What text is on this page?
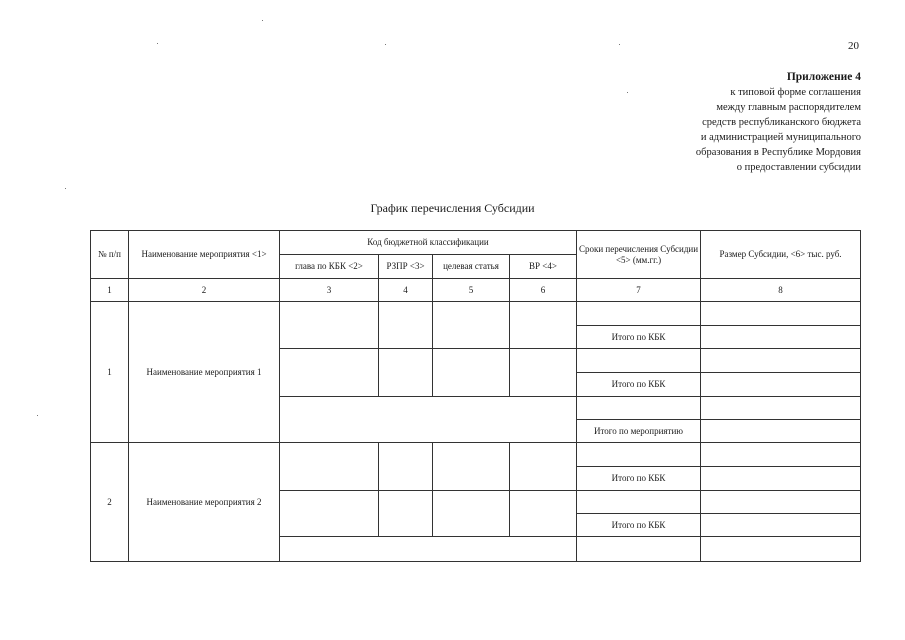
20
Приложение 4
к типовой форме соглашения
между главным распорядителем
средств республиканского бюджета
и администрацией муниципального
образования в Республике Мордовия
о предоставлении субсидии
График перечисления Субсидии
№ п/п	Наименование мероприятия <1>	Код бюджетной классификации				Сроки перечисления Субсидии <5> (мм.гг.)	Размер Субсидии, <6> тыс. руб.
		глава по КБК <2>	РЗПР <3>	целевая статья	ВР <4>		
1	2	3	4	5	6	7	8
1	Наименование мероприятия 1						
						Итого по КБК	

						Итого по КБК	

						Итого по мероприятию	
2	Наименование мероприятия 2						
						Итого по КБК	

						Итого по КБК	
